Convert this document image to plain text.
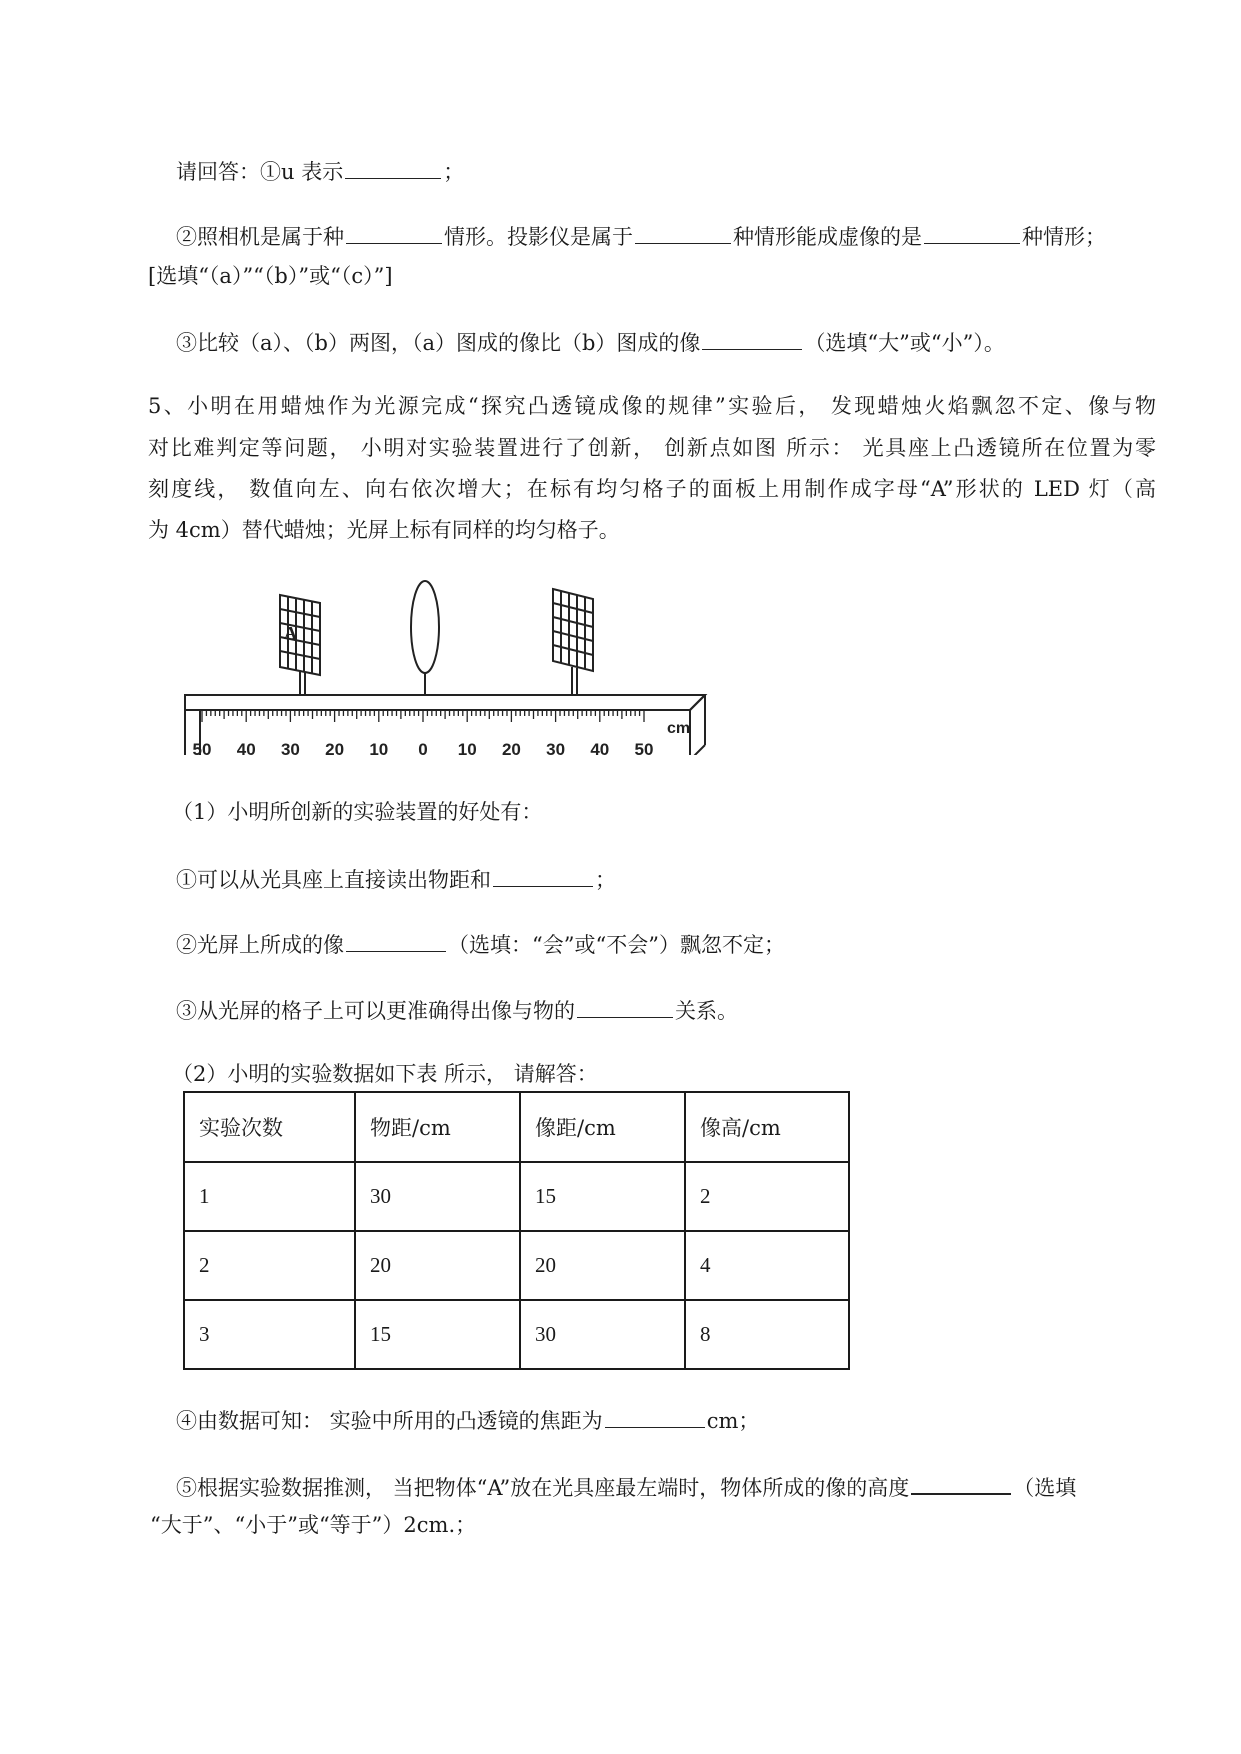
请回答：①u 表示	；
②照相机是属于种	情形。投影仪是属于	种情形能成虚像的是	种情形；
[选填“（a）”“（b）”或“（c）”]
③比较（a）、（b）两图，（a）图成的像比（b）图成的像	（选填“大”或“小”）。
5、小明在用蜡烛作为光源完成“探究凸透镜成像的规律”实验后， 发现蜡烛火焰飘忽不定、像与物
对比难判定等问题， 小明对实验装置进行了创新， 创新点如图 所示： 光具座上凸透镜所在位置为零
刻度线， 数值向左、向右依次增大；在标有均匀格子的面板上用制作成字母“A”形状的 LED 灯（高
为 4cm）替代蜡烛；光屏上标有同样的均匀格子。
A
50 40 30 20 10 0 10 20 30 40 50
cm
（1）小明所创新的实验装置的好处有：
①可以从光具座上直接读出物距和	；
②光屏上所成的像	（选填：“会”或“不会”）飘忽不定；
③从光屏的格子上可以更准确得出像与物的	关系。
（2）小明的实验数据如下表 所示， 请解答：
实验次数	物距/cm	像距/cm	像高/cm
1	30	15	2
2	20	20	4
3	15	30	8
④由数据可知： 实验中所用的凸透镜的焦距为	cm；
⑤根据实验数据推测， 当把物体“A”放在光具座最左端时，物体所成的像的高度	（选填
“大于”、“小于”或“等于”）2cm.；
